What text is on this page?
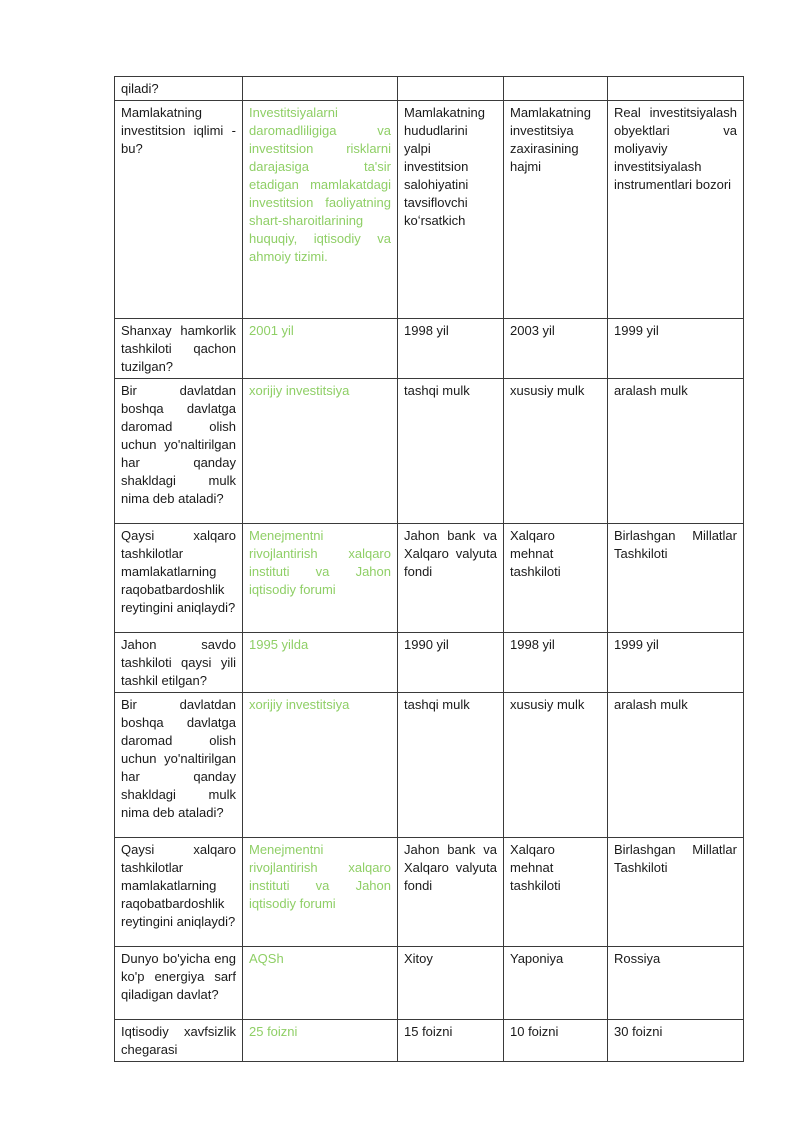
qiladi?				

Mamlakatning investitsion iqlimi - bu?	Investitsiyalarni daromadliligiga va investitsion risklarni darajasiga ta'sir etadigan mamlakatdagi investitsion faoliyatning shart-sharoitlarining huquqiy, iqtisodiy va ahmoiy tizimi.	Mamlakatning hududlarini yalpi investitsion salohiyatini tavsiflovchi koʻrsatkich	Mamlakatning investitsiya zaxirasining hajmi	Real investitsiyalash obyektlari va moliyaviy investitsiyalash instrumentlari bozori

Shanxay hamkorlik tashkiloti qachon tuzilgan?	2001 yil	1998 yil	2003 yil	1999 yil

Bir davlatdan boshqa davlatga daromad olish uchun yo'naltirilgan har qanday shakldagi mulk nima deb ataladi?	xorijiy investitsiya	tashqi mulk	xususiy mulk	aralash mulk

Qaysi xalqaro tashkilotlar mamlakatlarning raqobatbardoshlik reytingini aniqlaydi?	Menejmentni rivojlantirish xalqaro instituti va Jahon iqtisodiy forumi	Jahon bank va Xalqaro valyuta fondi	Xalqaro mehnat tashkiloti	Birlashgan Millatlar Tashkiloti

Jahon savdo tashkiloti qaysi yili tashkil etilgan?	1995 yilda	1990 yil	1998 yil	1999 yil

Bir davlatdan boshqa davlatga daromad olish uchun yo'naltirilgan har qanday shakldagi mulk nima deb ataladi?	xorijiy investitsiya	tashqi mulk	xususiy mulk	aralash mulk

Qaysi xalqaro tashkilotlar mamlakatlarning raqobatbardoshlik reytingini aniqlaydi?	Menejmentni rivojlantirish xalqaro instituti va Jahon iqtisodiy forumi	Jahon bank va Xalqaro valyuta fondi	Xalqaro mehnat tashkiloti	Birlashgan Millatlar Tashkiloti

Dunyo bo'yicha eng ko'p energiya sarf qiladigan davlat?	AQSh	Xitoy	Yaponiya	Rossiya

Iqtisodiy xavfsizlik chegarasi	25 foizni	15 foizni	10 foizni	30 foizni
